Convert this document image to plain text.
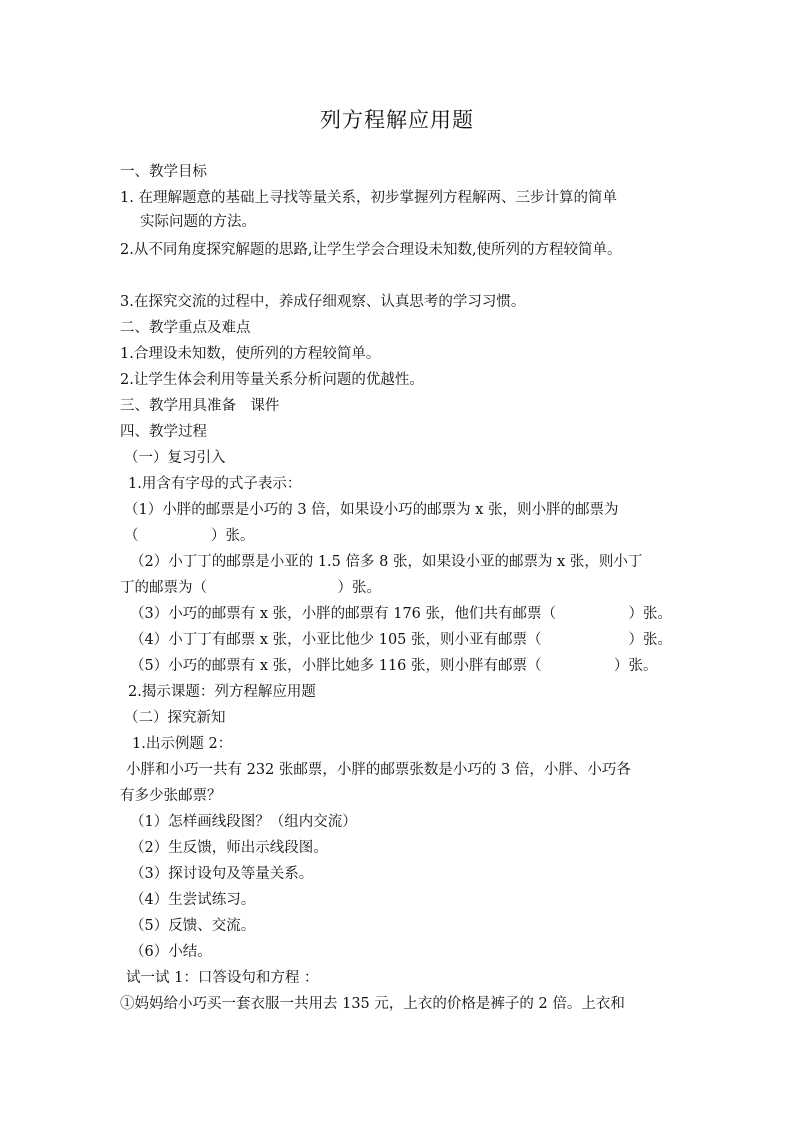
列方程解应用题
一、教学目标
1. 在理解题意的基础上寻找等量关系，初步掌握列方程解两、三步计算的简单
实际问题的方法。
2.从不同角度探究解题的思路,让学生学会合理设未知数,使所列的方程较简单。
3.在探究交流的过程中，养成仔细观察、认真思考的学习习惯。
二、教学重点及难点
1.合理设未知数，使所列的方程较简单。
2.让学生体会利用等量关系分析问题的优越性。
三、教学用具准备　课件
四、教学过程
（一）复习引入
1.用含有字母的式子表示：
（1）小胖的邮票是小巧的 3 倍，如果设小巧的邮票为 x 张，则小胖的邮票为
（　　　　　）张。
（2）小丁丁的邮票是小亚的 1.5 倍多 8 张，如果设小亚的邮票为 x 张，则小丁
丁的邮票为（　　　　　　　　　）张。
（3）小巧的邮票有 x 张，小胖的邮票有 176 张，他们共有邮票（　　　　　）张。
（4）小丁丁有邮票 x 张，小亚比他少 105 张，则小亚有邮票（　　　　　　）张。
（5）小巧的邮票有 x 张，小胖比她多 116 张，则小胖有邮票（　　　　　）张。
2.揭示课题：列方程解应用题
（二）探究新知
1.出示例题 2：
小胖和小巧一共有 232 张邮票，小胖的邮票张数是小巧的 3 倍，小胖、小巧各
有多少张邮票？
（1）怎样画线段图？（组内交流）
（2）生反馈，师出示线段图。
（3）探讨设句及等量关系。
（4）生尝试练习。
（5）反馈、交流。
（6）小结。
试一试 1：口答设句和方程 ：
①妈妈给小巧买一套衣服一共用去 135 元，上衣的价格是裤子的 2 倍。上衣和
